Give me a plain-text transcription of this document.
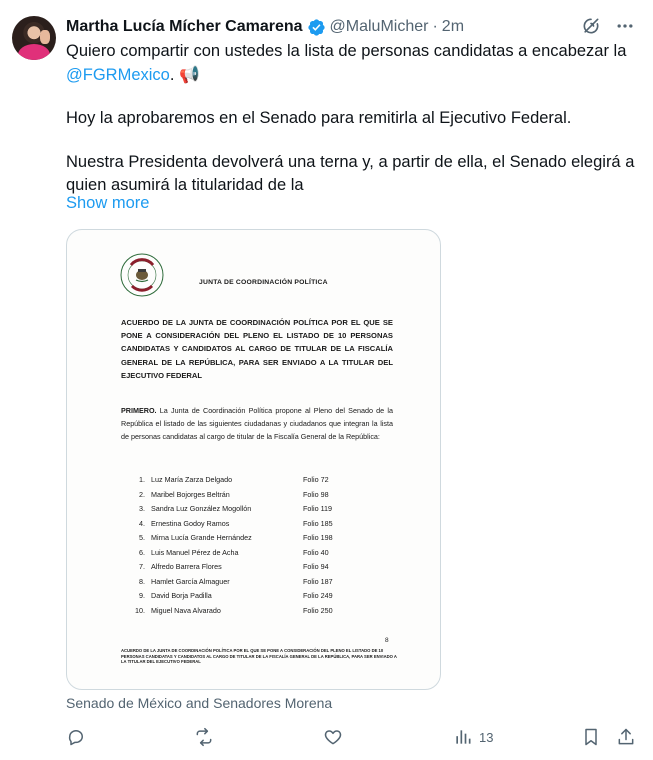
Martha Lucía Mícher Camarena @MaluMicher · 2m

Quiero compartir con ustedes la lista de personas candidatas a encabezar la @FGRMexico. 📢

Hoy la aprobaremos en el Senado para remitirla al Ejecutivo Federal.

Nuestra Presidenta devolverá una terna y, a partir de ella, el Senado elegirá a quien asumirá la titularidad de la

Show more
JUNTA DE COORDINACIÓN POLÍTICA
ACUERDO DE LA JUNTA DE COORDINACIÓN POLÍTICA POR EL QUE SE PONE A CONSIDERACIÓN DEL PLENO EL LISTADO DE 10 PERSONAS CANDIDATAS Y CANDIDATOS AL CARGO DE TITULAR DE LA FISCALÍA GENERAL DE LA REPÚBLICA, PARA SER ENVIADO A LA TITULAR DEL EJECUTIVO FEDERAL
PRIMERO. La Junta de Coordinación Política propone al Pleno del Senado de la República el listado de las siguientes ciudadanas y ciudadanos que integran la lista de personas candidatas al cargo de titular de la Fiscalía General de la República:
1. Luz María Zarza Delgado	Folio 72
2. Maribel Bojorges Beltrán	Folio 98
3. Sandra Luz González Mogollón	Folio 119
4. Ernestina Godoy Ramos	Folio 185
5. Mirna Lucía Grande Hernández	Folio 198
6. Luis Manuel Pérez de Acha	Folio 40
7. Alfredo Barrera Flores	Folio 94
8. Hamlet García Almaguer	Folio 187
9. David Borja Padilla	Folio 249
10. Miguel Nava Alvarado	Folio 250
8
ACUERDO DE LA JUNTA DE COORDINACIÓN POLÍTICA POR EL QUE SE PONE A CONSIDERACIÓN DEL PLENO EL LISTADO DE 10 PERSONAS CANDIDATAS Y CANDIDATOS AL CARGO DE TITULAR DE LA FISCALÍA GENERAL DE LA REPÚBLICA, PARA SER ENVIADO A LA TITULAR DEL EJECUTIVO FEDERAL
Senado de México and Senadores Morena
13
